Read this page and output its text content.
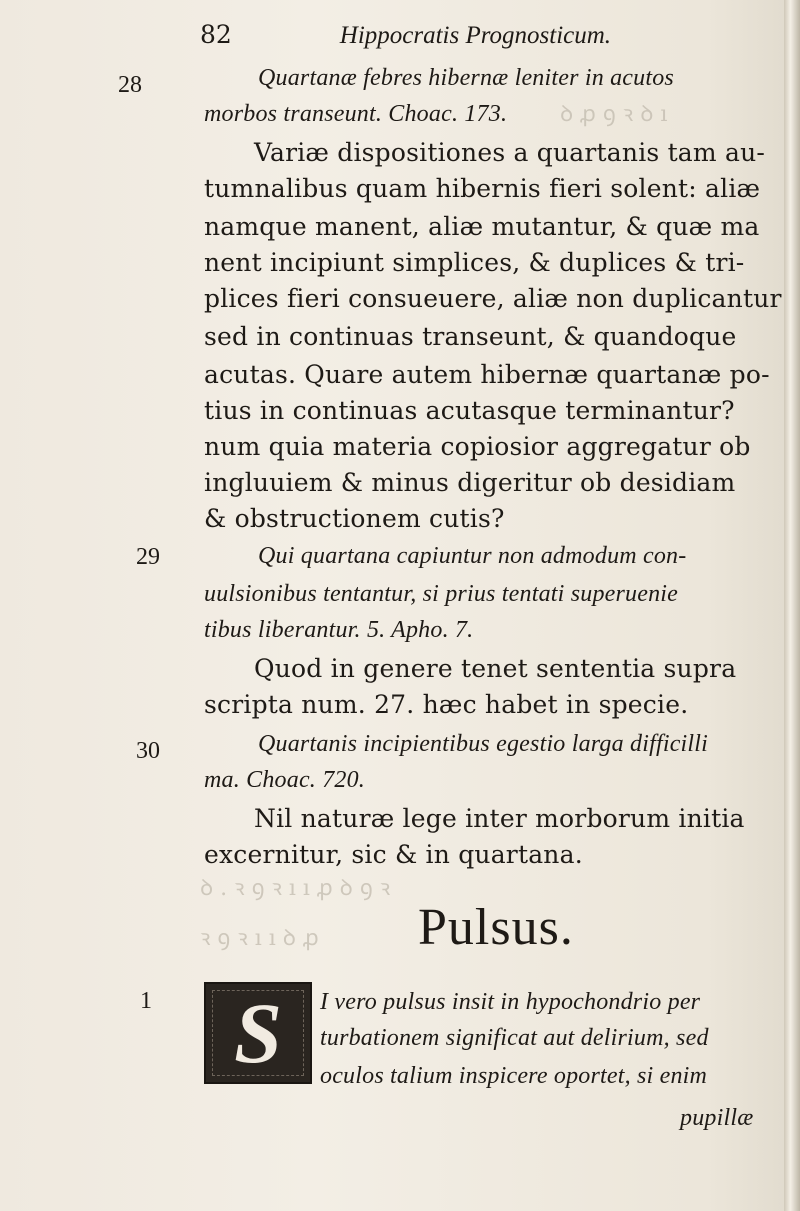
ꝺ ꝓ ꝯ ꝛ ꝺ ı
ꝺ . ꝛ ꝯ ꝛ ı ı ꝓ ꝺ ꝯ ꝛ
ꝛ ꝯ ꝛ ı ı ꝺ ꝓ
82	Hippocratis Prognosticum.
28
29
30
1
Quartanæ febres hibernæ leniter in acutos
morbos transeunt. Choac. 173.
Variæ dispositiones a quartanis tam au-
tumnalibus quam hibernis fieri solent: aliæ
namque manent, aliæ mutantur, & quæ ma
nent incipiunt simplices, & duplices & tri-
plices fieri consueuere, aliæ non duplicantur
sed in continuas transeunt, & quandoque
acutas. Quare autem hibernæ quartanæ po-
tius in continuas acutasque terminantur?
num quia materia copiosior aggregatur ob
ingluuiem & minus digeritur ob desidiam
& obstructionem cutis?
Qui quartana capiuntur non admodum con-
uulsionibus tentantur, si prius tentati superuenie
tibus liberantur. 5. Apho. 7.
Quod in genere tenet sententia supra
scripta num. 27. hæc habet in specie.
Quartanis incipientibus egestio larga difficilli
ma. Choac. 720.
Nil naturæ lege inter morborum initia
excernitur, sic & in quartana.
Pulsus.
S I vero pulsus insit in hypochondrio per
turbationem significat aut delirium, sed
oculos talium inspicere oportet, si enim
pupillæ
